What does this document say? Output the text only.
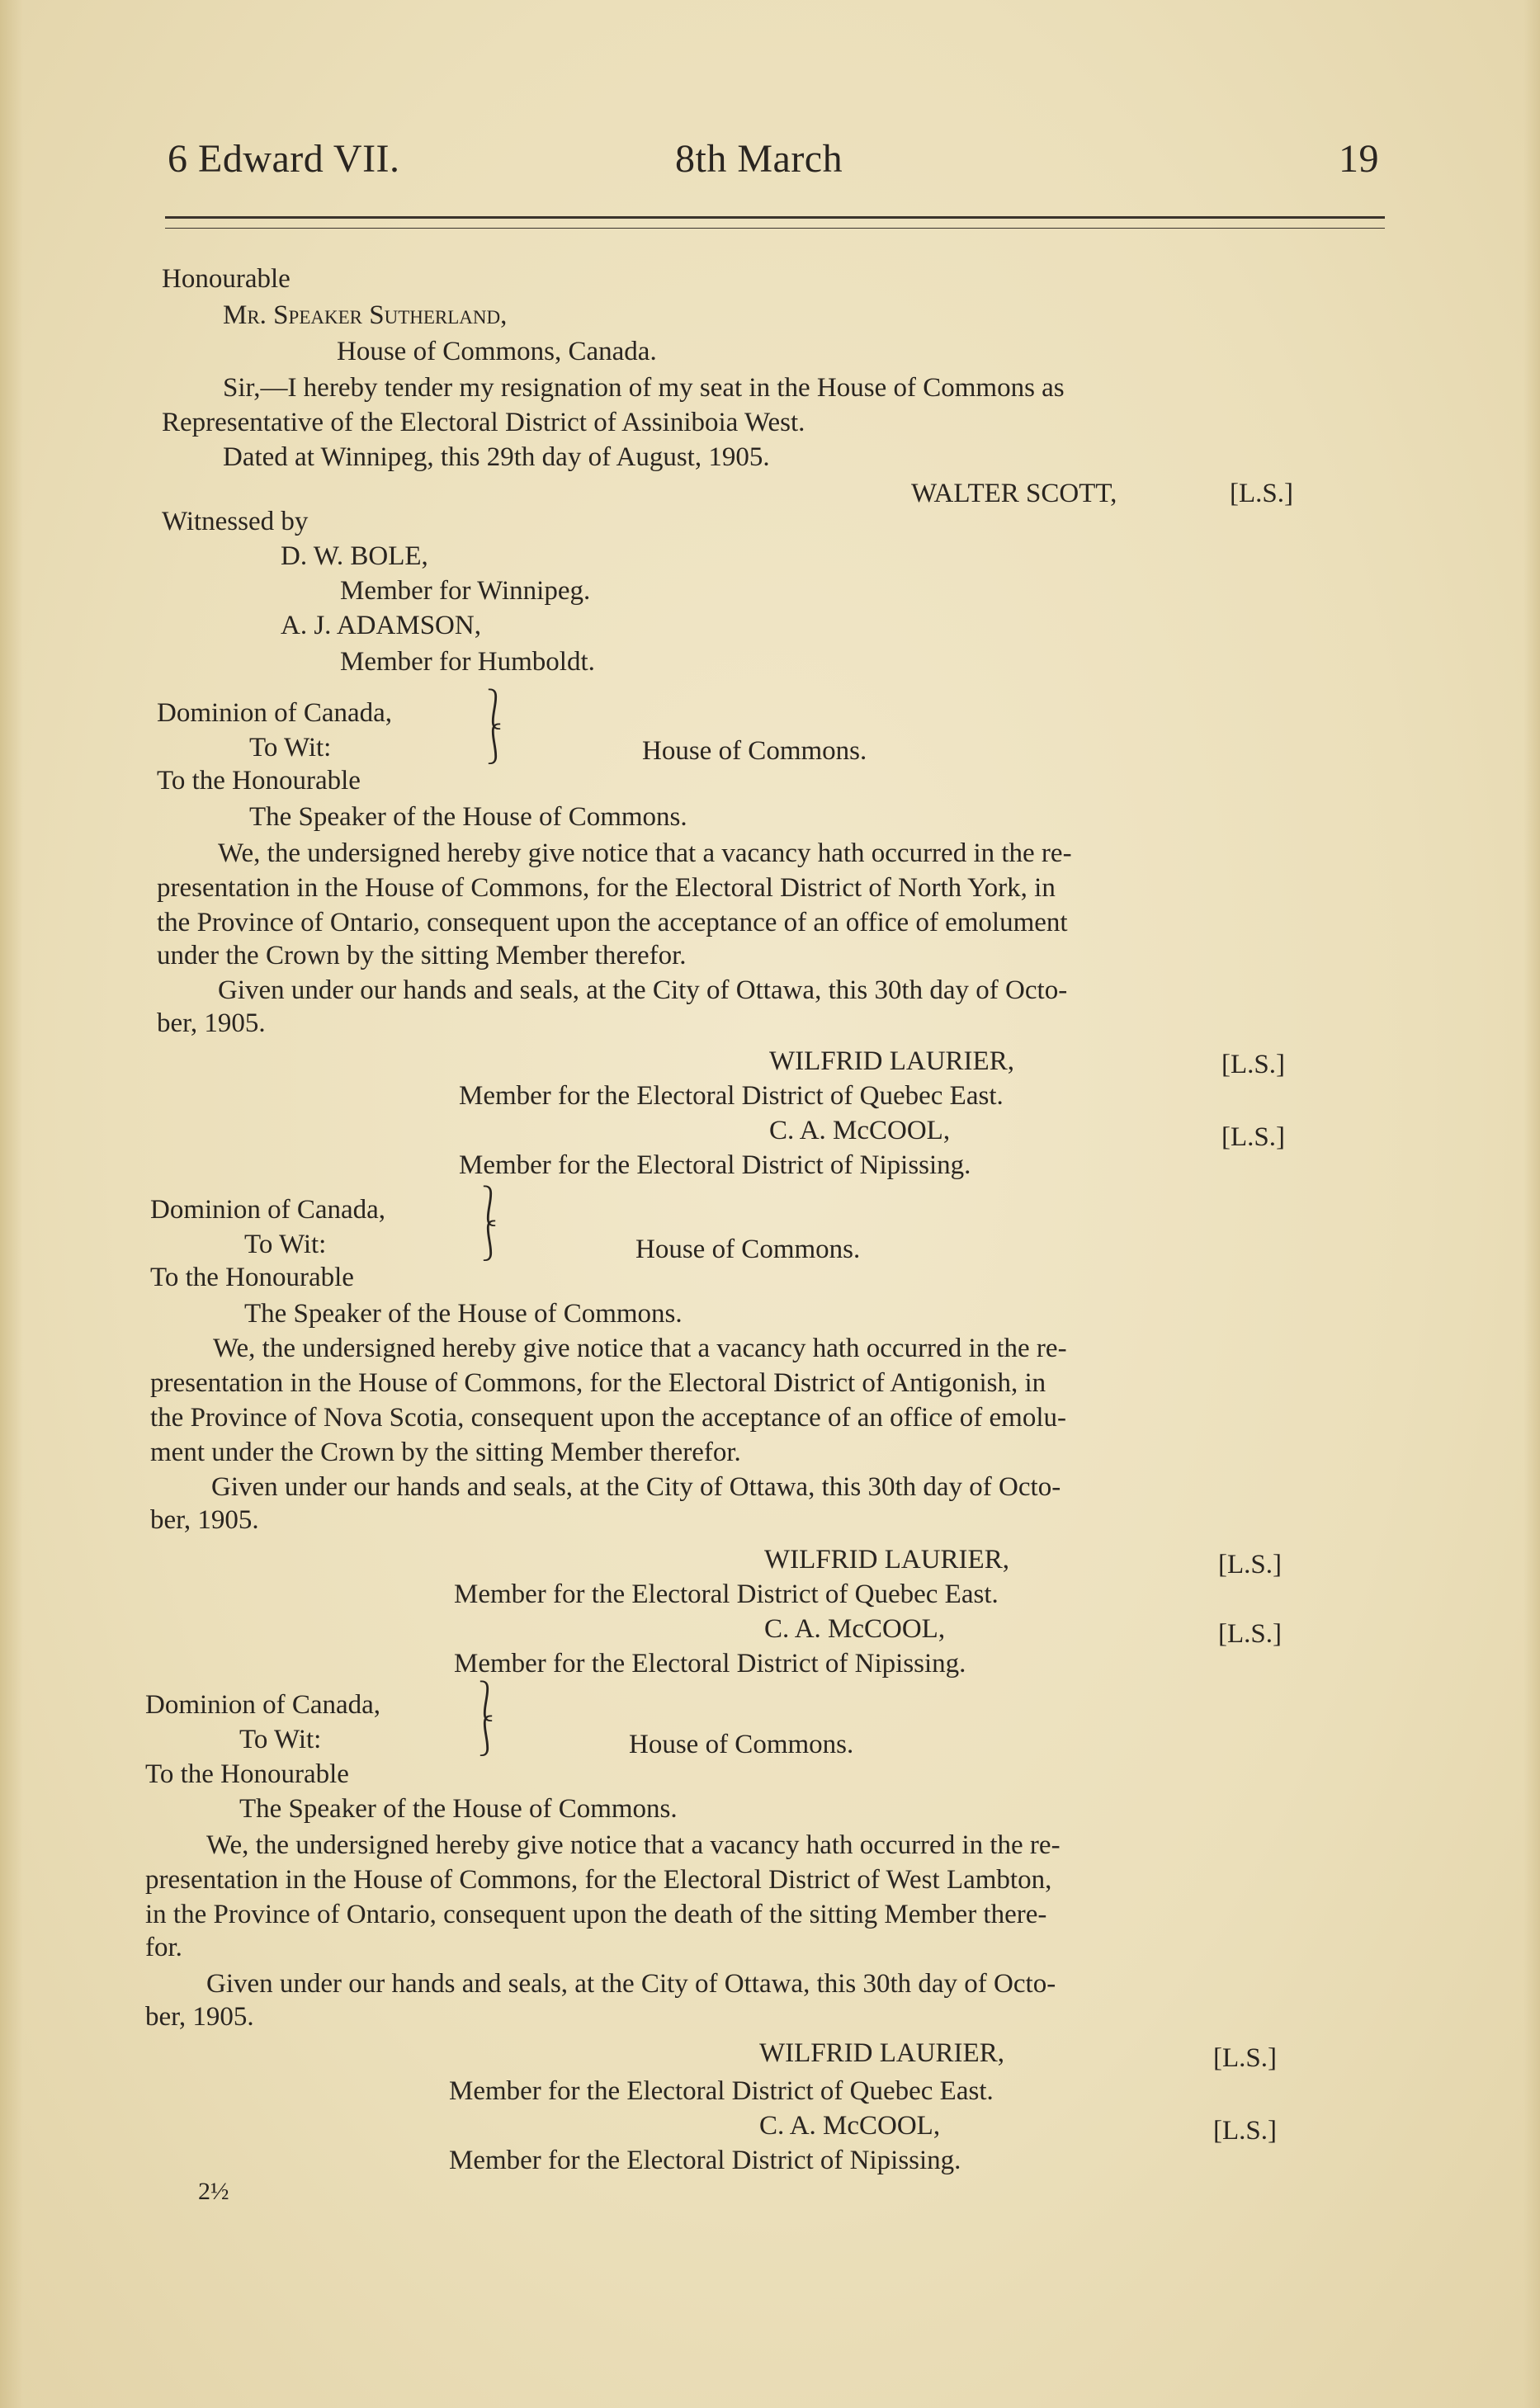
6 Edward VII.	8th March	19
Honourable
Mr. Speaker Sutherland,
House of Commons, Canada.
Sir,—I hereby tender my resignation of my seat in the House of Commons as
Representative of the Electoral District of Assiniboia West.
Dated at Winnipeg, this 29th day of August, 1905.
WALTER SCOTT,	[L.S.]
Witnessed by
D. W. BOLE,
Member for Winnipeg.
A. J. ADAMSON,
Member for Humboldt.
Dominion of Canada,	⎱
⎰
To Wit:	House of Commons.
To the Honourable
The Speaker of the House of Commons.
We, the undersigned hereby give notice that a vacancy hath occurred in the re-
presentation in the House of Commons, for the Electoral District of North York, in
the Province of Ontario, consequent upon the acceptance of an office of emolument
under the Crown by the sitting Member therefor.
Given under our hands and seals, at the City of Ottawa, this 30th day of Octo-
ber, 1905.
WILFRID LAURIER,	[L.S.]
Member for the Electoral District of Quebec East.
C. A. McCOOL,	[L.S.]
Member for the Electoral District of Nipissing.
Dominion of Canada,	⎱
⎰
To Wit:	House of Commons.
To the Honourable
The Speaker of the House of Commons.
We, the undersigned hereby give notice that a vacancy hath occurred in the re-
presentation in the House of Commons, for the Electoral District of Antigonish, in
the Province of Nova Scotia, consequent upon the acceptance of an office of emolu-
ment under the Crown by the sitting Member therefor.
Given under our hands and seals, at the City of Ottawa, this 30th day of Octo-
ber, 1905.
WILFRID LAURIER,	[L.S.]
Member for the Electoral District of Quebec East.
C. A. McCOOL,	[L.S.]
Member for the Electoral District of Nipissing.
Dominion of Canada,	⎱
⎰
To Wit:	House of Commons.
To the Honourable
The Speaker of the House of Commons.
We, the undersigned hereby give notice that a vacancy hath occurred in the re-
presentation in the House of Commons, for the Electoral District of West Lambton,
in the Province of Ontario, consequent upon the death of the sitting Member there-
for.
Given under our hands and seals, at the City of Ottawa, this 30th day of Octo-
ber, 1905.
WILFRID LAURIER,	[L.S.]
Member for the Electoral District of Quebec East.
C. A. McCOOL,	[L.S.]
Member for the Electoral District of Nipissing.
2½
